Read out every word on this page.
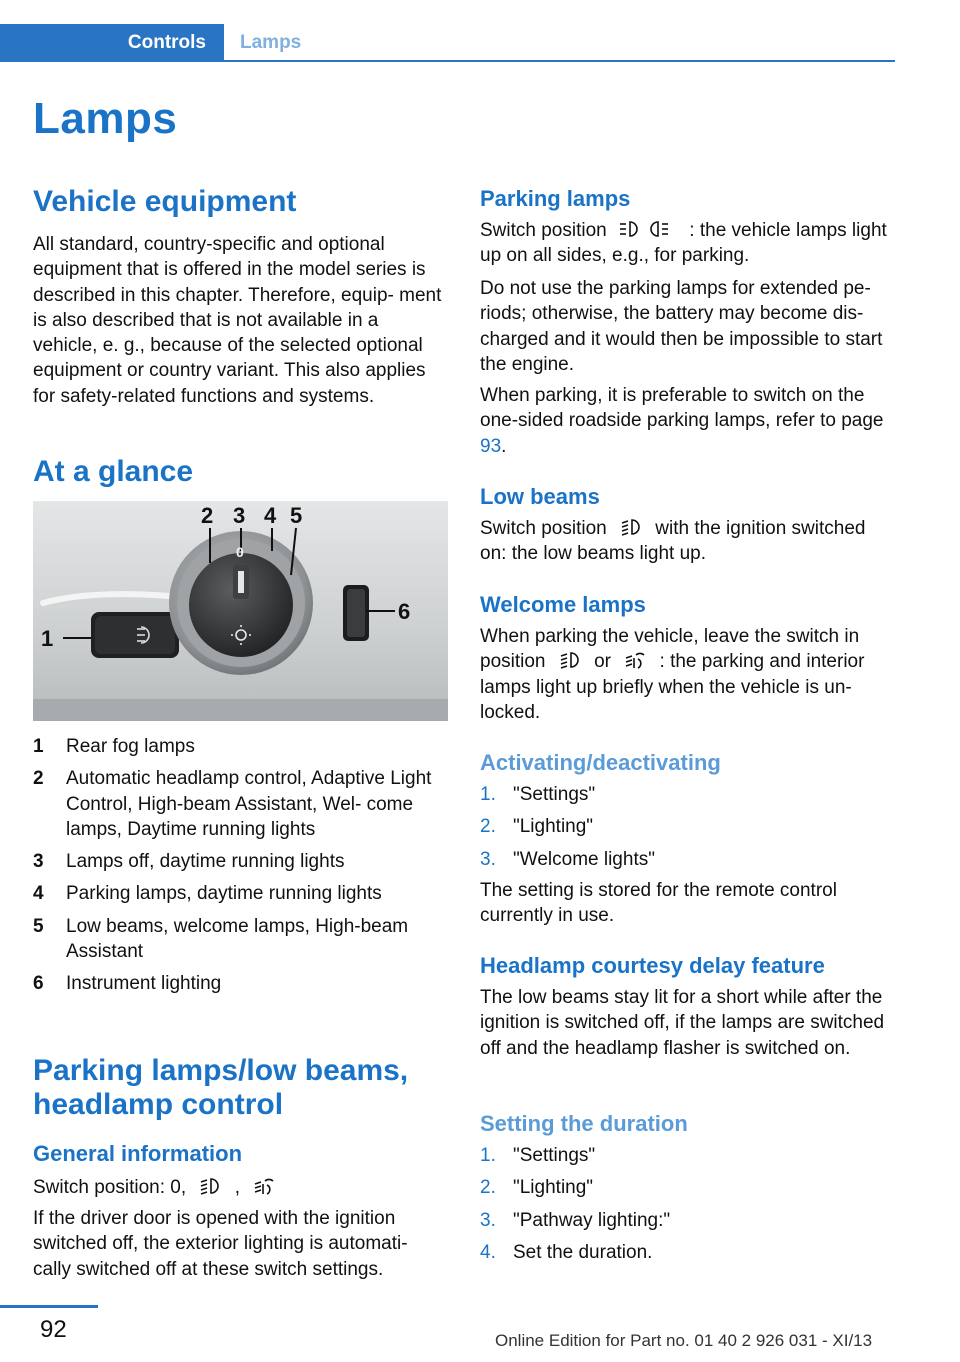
Controls	Lamps
Lamps
Vehicle equipment

All standard, country-specific and optional equipment that is offered in the model series is described in this chapter. Therefore, equip- ment is also described that is not available in a vehicle, e. g., because of the selected optional equipment or country variant. This also applies for safety-related functions and systems.

At a glance
2 3 4 5
6
1
0
1 Rear fog lamps
2 Automatic headlamp control, Adaptive Light Control, High-beam Assistant, Wel- come lamps, Daytime running lights
3 Lamps off, daytime running lights
4 Parking lamps, daytime running lights
5 Low beams, welcome lamps, High-beam Assistant
6 Instrument lighting
Parking lamps/low beams, headlamp control
General information

Switch position: 0,	,

If the driver door is opened with the ignition switched off, the exterior lighting is automati- cally switched off at these switch settings.

Parking lamps

Switch position	: the vehicle lamps light up on all sides, e.g., for parking.

Do not use the parking lamps for extended pe- riods; otherwise, the battery may become dis- charged and it would then be impossible to start the engine.

When parking, it is preferable to switch on the one-sided roadside parking lamps, refer to page 93.

Low beams

Switch position	with the ignition switched on: the low beams light up.

Welcome lamps

When parking the vehicle, leave the switch in position	or	: the parking and interior lamps light up briefly when the vehicle is un- locked.

Activating/deactivating
1. "Settings"
2. "Lighting"
3. "Welcome lights"

The setting is stored for the remote control currently in use.

Headlamp courtesy delay feature

The low beams stay lit for a short while after the ignition is switched off, if the lamps are switched off and the headlamp flasher is switched on.

Setting the duration
1. "Settings"
2. "Lighting"
3. "Pathway lighting:"
4. Set the duration.
92	Online Edition for Part no. 01 40 2 926 031 - XI/13
